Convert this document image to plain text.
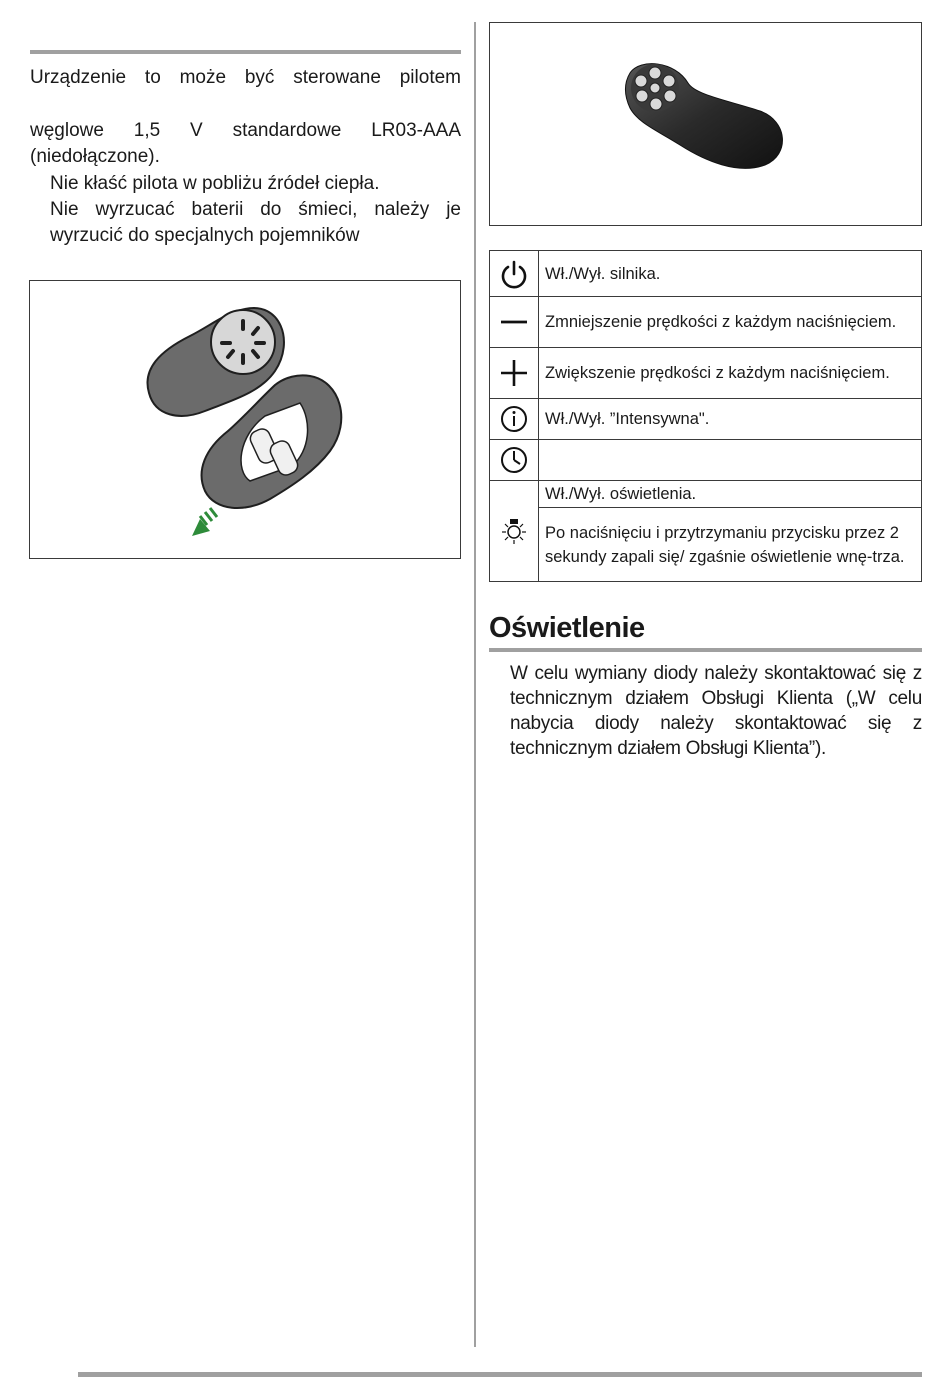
Urządzenie to może być sterowane pilotem
węglowe 1,5 V standardowe LR03-AAA (niedołączone).
Nie kłaść pilota w pobliżu źródeł ciepła.
Nie wyrzucać baterii do śmieci, należy je wyrzucić do specjalnych pojemników
	Wł./Wył. silnika.

	Zmniejszenie prędkości z każdym naciśnięciem.

	Zwiększenie prędkości z każdym naciśnięciem.

	Wł./Wył. ”Intensywna".

	Wł./Wył. oświetlenia.
	Po naciśnięciu i przytrzymaniu przycisku przez 2 sekundy zapali się/ zgaśnie oświetlenie wnę-trza.
Oświetlenie
W celu wymiany diody należy skontaktować się z technicznym działem Obsługi Klienta („W celu nabycia diody należy skontaktować się z technicznym działem Obsługi Klienta”).
